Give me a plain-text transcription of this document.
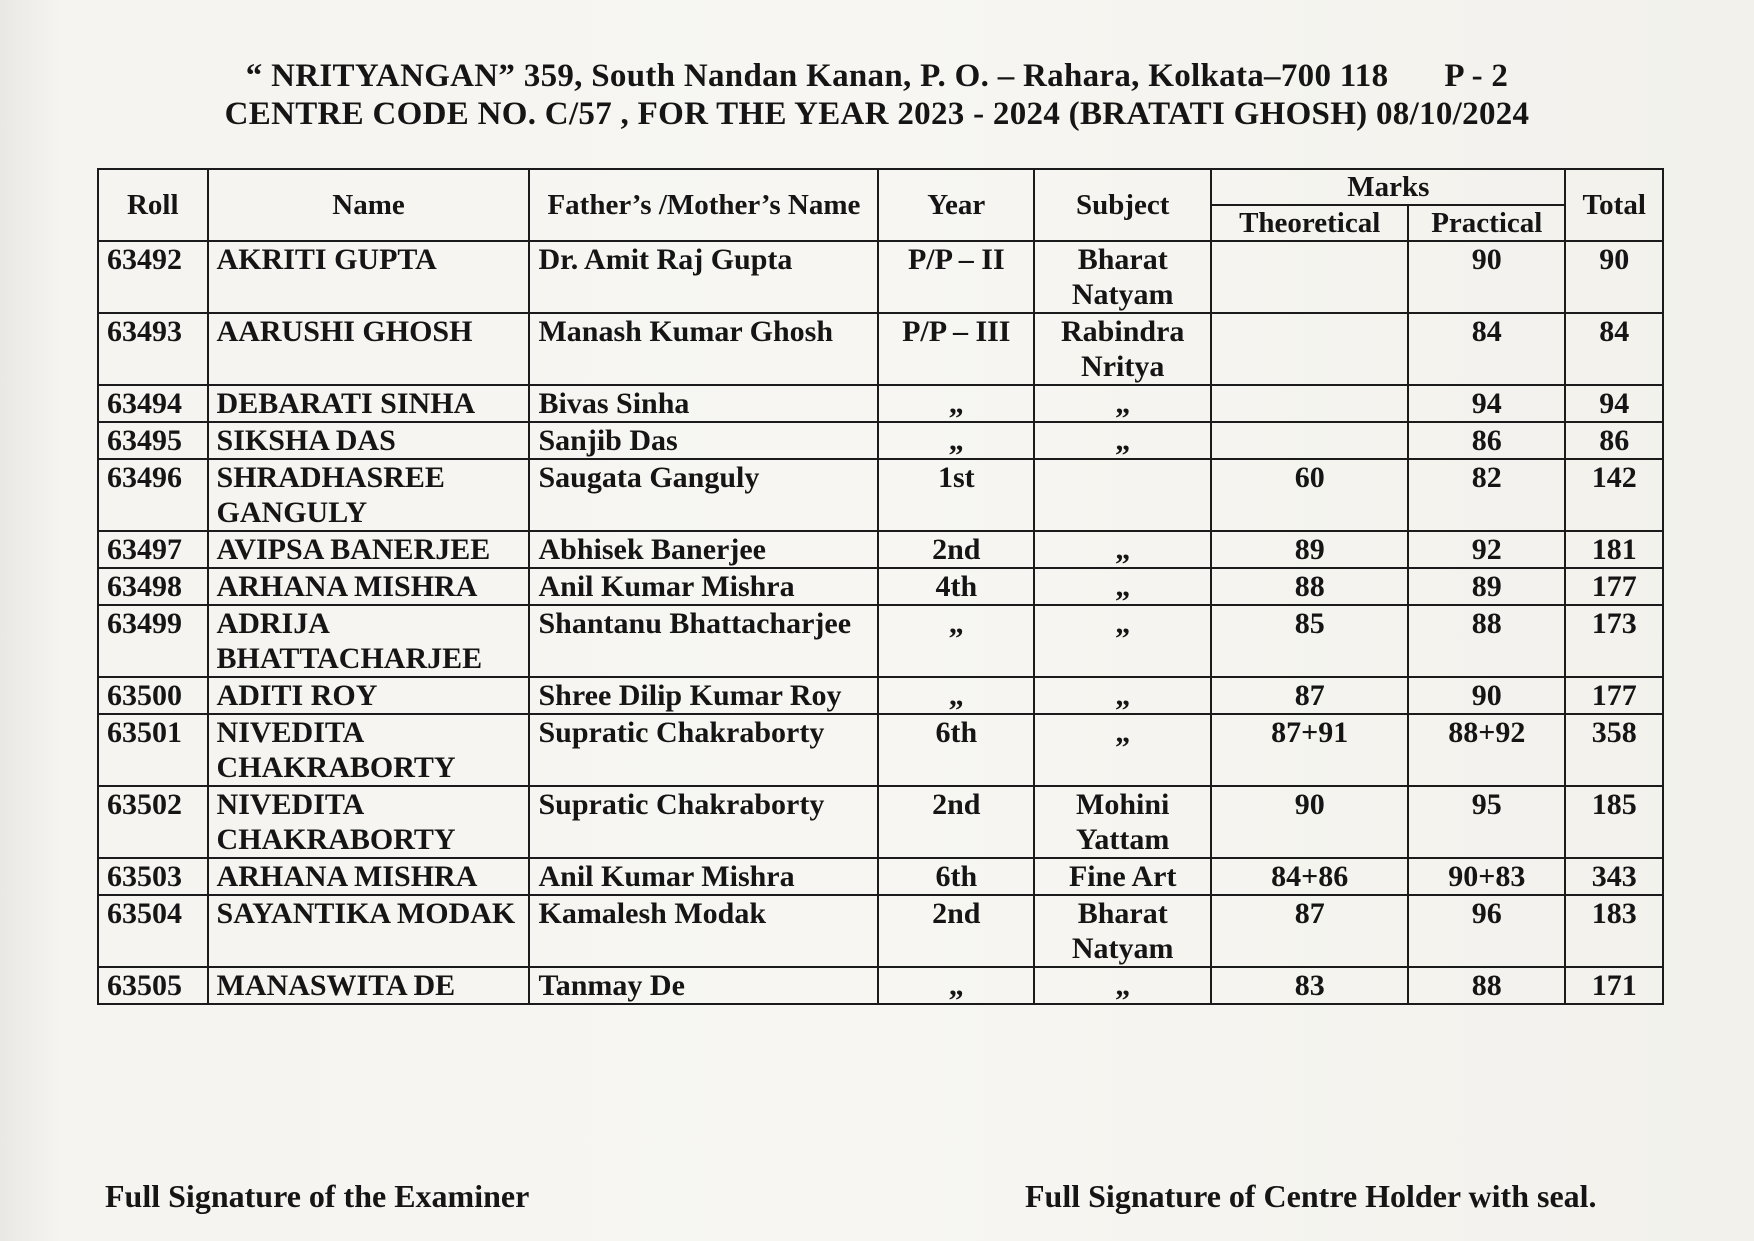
“ NRITYANGAN” 359, South Nandan Kanan, P. O. – Rahara, Kolkata–700 118 P - 2
CENTRE CODE NO. C/57 , FOR THE YEAR 2023 - 2024 (BRATATI GHOSH) 08/10/2024
Roll	Name	Father’s /Mother’s Name	Year	Subject	Marks		Total
					Theoretical	Practical	
63492	AKRITI GUPTA	Dr. Amit Raj Gupta	P/P – II	Bharat Natyam		90	90
63493	AARUSHI GHOSH	Manash Kumar Ghosh	P/P – III	Rabindra Nritya		84	84
63494	DEBARATI SINHA	Bivas Sinha	„	„		94	94
63495	SIKSHA DAS	Sanjib Das	„	„		86	86
63496	SHRADHASREE GANGULY	Saugata Ganguly	1st		60	82	142
63497	AVIPSA BANERJEE	Abhisek Banerjee	2nd	„	89	92	181
63498	ARHANA MISHRA	Anil Kumar Mishra	4th	„	88	89	177
63499	ADRIJA BHATTACHARJEE	Shantanu Bhattacharjee	„	„	85	88	173
63500	ADITI ROY	Shree Dilip Kumar Roy	„	„	87	90	177
63501	NIVEDITA CHAKRABORTY	Supratic Chakraborty	6th	„	87+91	88+92	358
63502	NIVEDITA CHAKRABORTY	Supratic Chakraborty	2nd	Mohini Yattam	90	95	185
63503	ARHANA MISHRA	Anil Kumar Mishra	6th	Fine Art	84+86	90+83	343
63504	SAYANTIKA MODAK	Kamalesh Modak	2nd	Bharat Natyam	87	96	183
63505	MANASWITA DE	Tanmay De	„	„	83	88	171
Full Signature of the Examiner	Full Signature of Centre Holder with seal.
